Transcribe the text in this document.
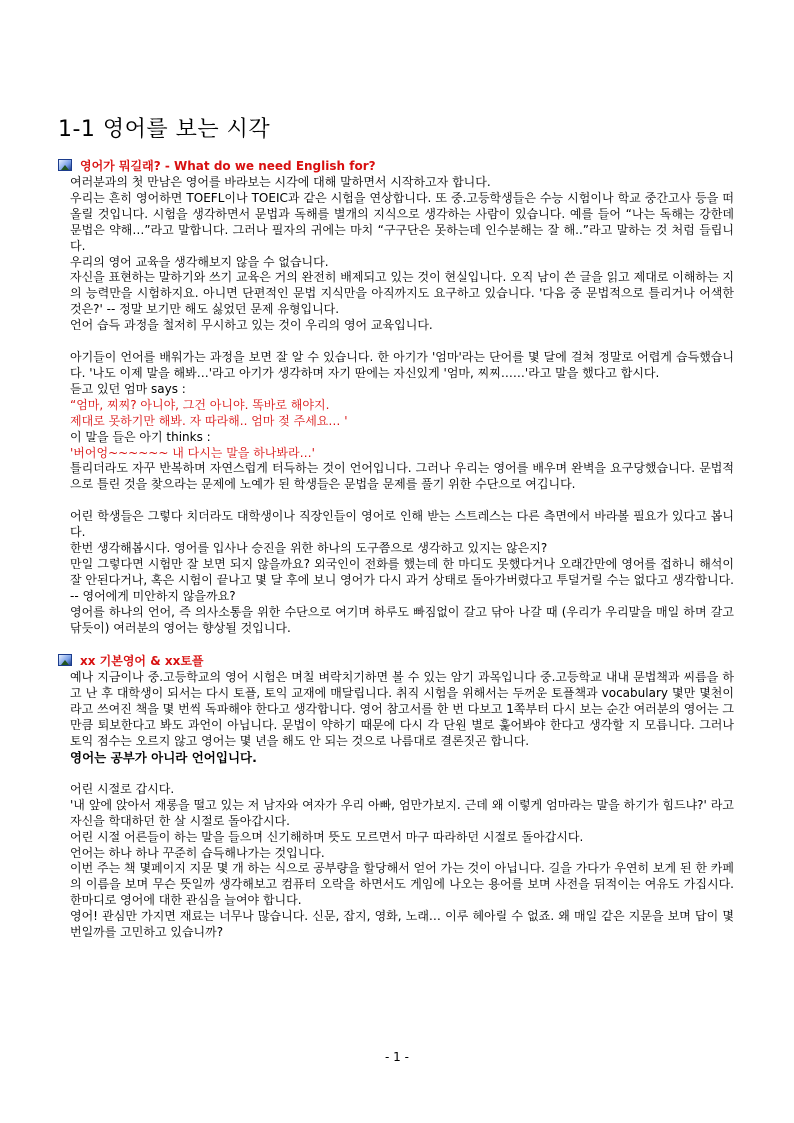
1-1 영어를 보는 시각
영어가 뭐길래? - What do we need English for?

여러분과의 첫 만남은 영어를 바라보는 시각에 대해 말하면서 시작하고자 합니다.

우리는 흔히 영어하면 TOEFL이나 TOEIC과 같은 시험을 연상합니다. 또 중.고등학생들은 수능 시험이나 학교 중간고사 등을 떠올릴 것입니다. 시험을 생각하면서 문법과 독해를 별개의 지식으로 생각하는 사람이 있습니다. 예를 들어 “나는 독해는 강한데 문법은 약해…”라고 말합니다. 그러나 필자의 귀에는 마치 “구구단은 못하는데 인수분해는 잘 해..”라고 말하는 것 처럼 들립니다.

우리의 영어 교육을 생각해보지 않을 수 없습니다.

자신을 표현하는 말하기와 쓰기 교육은 거의 완전히 배제되고 있는 것이 현실입니다. 오직 남이 쓴 글을 읽고 제대로 이해하는 지의 능력만을 시험하지요. 아니면 단편적인 문법 지식만을 아직까지도 요구하고 있습니다. '다음 중 문법적으로 틀리거나 어색한 것은?' -- 정말 보기만 해도 싫었던 문제 유형입니다.

언어 습득 과정을 철저히 무시하고 있는 것이 우리의 영어 교육입니다.

아기들이 언어를 배워가는 과정을 보면 잘 알 수 있습니다. 한 아기가 '엄마'라는 단어를 몇 달에 걸쳐 정말로 어렵게 습득했습니다. '나도 이제 말을 해봐…'라고 아기가 생각하며 자기 딴에는 자신있게 '엄마, 찌찌……'라고 말을 했다고 합시다.

듣고 있던 엄마 says :

“엄마, 찌찌? 아니야, 그건 아니야. 똑바로 해야지.

제대로 못하기만 해봐. 자 따라해.. 엄마 젖 주세요… '

이 말을 들은 아기 thinks :

'버어엉~~~~~~ 내 다시는 말을 하나봐라…'

틀리더라도 자꾸 반복하며 자연스럽게 터득하는 것이 언어입니다. 그러나 우리는 영어를 배우며 완벽을 요구당했습니다. 문법적으로 틀린 것을 찾으라는 문제에 노예가 된 학생들은 문법을 문제를 풀기 위한 수단으로 여깁니다.

어린 학생들은 그렇다 치더라도 대학생이나 직장인들이 영어로 인해 받는 스트레스는 다른 측면에서 바라볼 필요가 있다고 봅니다.

한번 생각해봅시다. 영어를 입사나 승진을 위한 하나의 도구쯤으로 생각하고 있지는 않은지?

만일 그렇다면 시험만 잘 보면 되지 않을까요? 외국인이 전화를 했는데 한 마디도 못했다거나 오래간만에 영어를 접하니 해석이 잘 안된다거나, 혹은 시험이 끝나고 몇 달 후에 보니 영어가 다시 과거 상태로 돌아가버렸다고 투덜거릴 수는 없다고 생각합니다. -- 영어에게 미안하지 않을까요?

영어를 하나의 언어, 즉 의사소통을 위한 수단으로 여기며 하루도 빠짐없이 갈고 닦아 나갈 때 (우리가 우리말을 매일 하며 갈고 닦듯이) 여러분의 영어는 향상될 것입니다.

xx 기본영어 & xx토플

예나 지금이나 중.고등학교의 영어 시험은 며칠 벼락치기하면 볼 수 있는 암기 과목입니다 중.고등학교 내내 문법책과 씨름을 하고 난 후 대학생이 되서는 다시 토플, 토익 교재에 매달립니다. 취직 시험을 위해서는 두꺼운 토플책과 vocabulary 몇만 몇천이라고 쓰여진 책을 몇 번씩 독파해야 한다고 생각합니다. 영어 참고서를 한 번 다보고 1쪽부터 다시 보는 순간 여러분의 영어는 그만큼 퇴보한다고 봐도 과언이 아닙니다. 문법이 약하기 때문에 다시 각 단원 별로 훑어봐야 한다고 생각할 지 모릅니다. 그러나 토익 점수는 오르지 않고 영어는 몇 년을 해도 안 되는 것으로 나름대로 결론짓곤 합니다.

영어는 공부가 아니라 언어입니다.

어린 시절로 갑시다.

'내 앞에 앉아서 재롱을 떨고 있는 저 남자와 여자가 우리 아빠, 엄만가보지. 근데 왜 이렇게 엄마라는 말을 하기가 힘드냐?' 라고 자신을 학대하던 한 살 시절로 돌아갑시다.

어린 시절 어른들이 하는 말을 들으며 신기해하며 뜻도 모르면서 마구 따라하던 시절로 돌아갑시다.

언어는 하나 하나 꾸준히 습득해나가는 것입니다.

이번 주는 책 몇페이지 지문 몇 개 하는 식으로 공부량을 할당해서 얻어 가는 것이 아닙니다. 길을 가다가 우연히 보게 된 한 카페의 이름을 보며 무슨 뜻일까 생각해보고 컴퓨터 오락을 하면서도 게임에 나오는 용어를 보며 사전을 뒤적이는 여유도 가집시다. 한마디로 영어에 대한 관심을 늘여야 합니다.

영어! 관심만 가지면 재료는 너무나 많습니다. 신문, 잡지, 영화, 노래… 이루 헤아릴 수 없죠. 왜 매일 같은 지문을 보며 답이 몇 번일까를 고민하고 있습니까?

- 1 -
